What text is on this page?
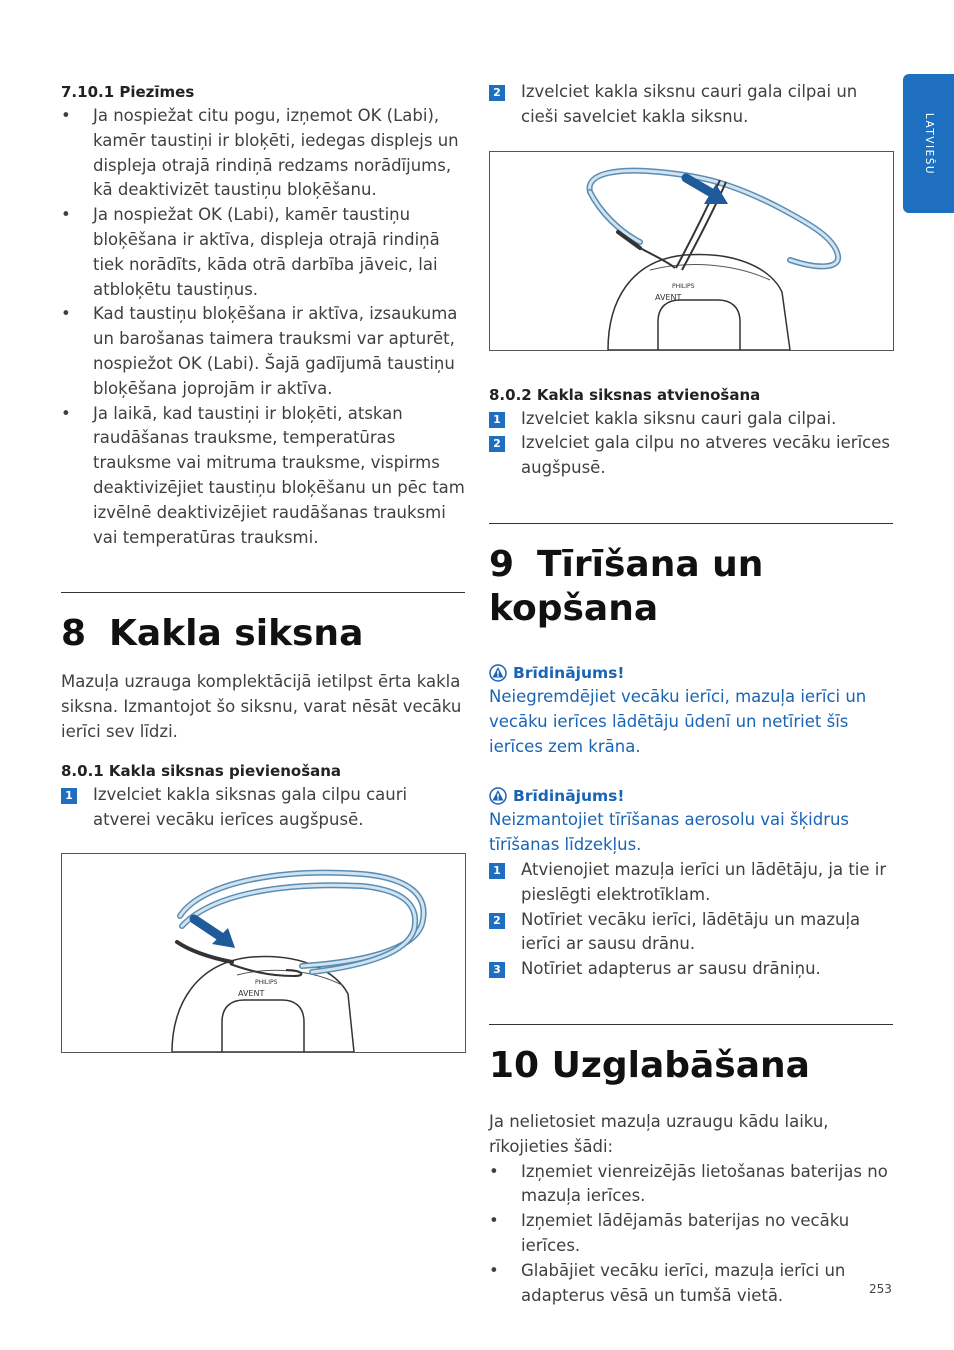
LATVIEŠU

7.10.1 Piezīmes

• Ja nospiežat citu pogu, izņemot OK (Labi), kamēr taustiņi ir bloķēti, iedegas displejs un displeja otrajā rindiņā redzams norādījums, kā deaktivizēt taustiņu bloķēšanu.
• Ja nospiežat OK (Labi), kamēr taustiņu bloķēšana ir aktīva, displeja otrajā rindiņā tiek norādīts, kāda otrā darbība jāveic, lai atbloķētu taustiņus.
• Kad taustiņu bloķēšana ir aktīva, izsaukuma un barošanas taimera trauksmi var apturēt, nospiežot OK (Labi). Šajā gadījumā taustiņu bloķēšana joprojām ir aktīva.
• Ja laikā, kad taustiņi ir bloķēti, atskan raudāšanas trauksme, temperatūras trauksme vai mitruma trauksme, vispirms deaktivizējiet taustiņu bloķēšanu un pēc tam izvēlnē deaktivizējiet raudāšanas trauksmi vai temperatūras trauksmi.
8 Kakla siksna

Mazuļa uzrauga komplektācijā ietilpst ērta kakla siksna. Izmantojot šo siksnu, varat nēsāt vecāku ierīci sev līdzi.

8.0.1 Kakla siksnas pievienošana

1 Izvelciet kakla siksnas gala cilpu cauri atverei vecāku ierīces augšpusē.
PHILIPS
AVENT
2 Izvelciet kakla siksnu cauri gala cilpai un cieši savelciet kakla siksnu.
PHILIPS
AVENT

8.0.2 Kakla siksnas atvienošana

1 Izvelciet kakla siksnu cauri gala cilpai.
2 Izvelciet gala cilpu no atveres vecāku ierīces augšpusē.
9 Tīrīšana un kopšana

Brīdinājums!

Neiegremdējiet vecāku ierīci, mazuļa ierīci un vecāku ierīces lādētāju ūdenī un netīriet šīs ierīces zem krāna.

Brīdinājums!

Neizmantojiet tīrīšanas aerosolu vai šķidrus tīrīšanas līdzekļus.

1 Atvienojiet mazuļa ierīci un lādētāju, ja tie ir pieslēgti elektrotīklam.
2 Notīriet vecāku ierīci, lādētāju un mazuļa ierīci ar sausu drānu.
3 Notīriet adapterus ar sausu drāniņu.
10 Uzglabāšana

Ja nelietosiet mazuļa uzraugu kādu laiku, rīkojieties šādi:

• Izņemiet vienreizējās lietošanas baterijas no mazuļa ierīces.
• Izņemiet lādējamās baterijas no vecāku ierīces.
• Glabājiet vecāku ierīci, mazuļa ierīci un adapterus vēsā un tumšā vietā.	253
